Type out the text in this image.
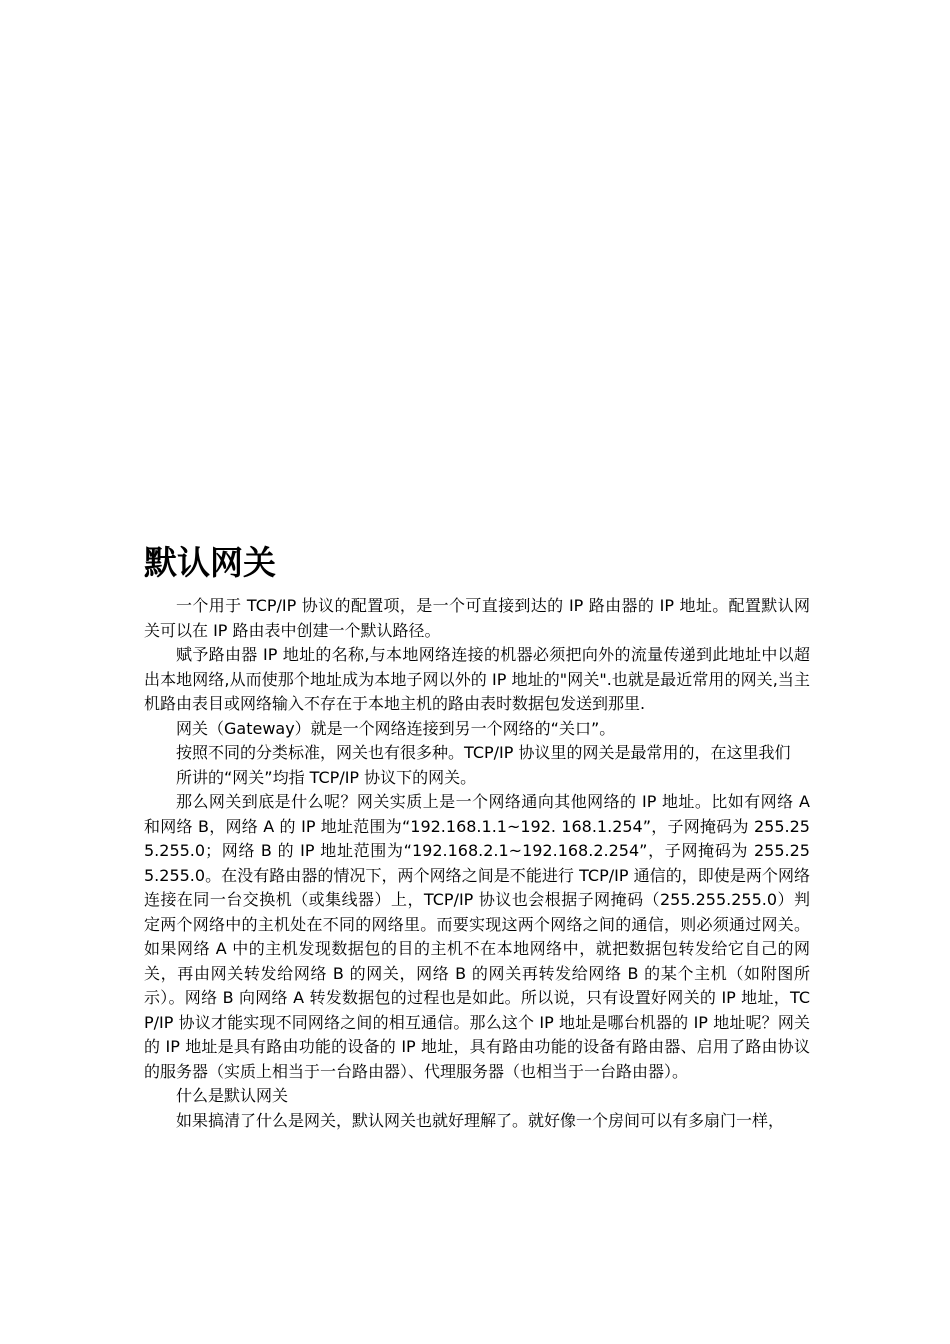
默认网关

一个用于 TCP/IP 协议的配置项，是一个可直接到达的 IP 路由器的 IP 地址。配置默认网关可以在 IP 路由表中创建一个默认路径。

赋予路由器 IP 地址的名称,与本地网络连接的机器必须把向外的流量传递到此地址中以超出本地网络,从而使那个地址成为本地子网以外的 IP 地址的"网关".也就是最近常用的网关,当主机路由表目或网络输入不存在于本地主机的路由表时数据包发送到那里.

网关（Gateway）就是一个网络连接到另一个网络的“关口”。

按照不同的分类标准，网关也有很多种。TCP/IP 协议里的网关是最常用的，在这里我们

所讲的“网关”均指 TCP/IP 协议下的网关。

那么网关到底是什么呢？网关实质上是一个网络通向其他网络的 IP 地址。比如有网络 A 和网络 B，网络 A 的 IP 地址范围为“192.168.1.1~192. 168.1.254”，子网掩码为 255.255.255.0；网络 B 的 IP 地址范围为“192.168.2.1~192.168.2.254”，子网掩码为 255.255.255.0。在没有路由器的情况下，两个网络之间是不能进行 TCP/IP 通信的，即使是两个网络连接在同一台交换机（或集线器）上，TCP/IP 协议也会根据子网掩码（255.255.255.0）判定两个网络中的主机处在不同的网络里。而要实现这两个网络之间的通信，则必须通过网关。如果网络 A 中的主机发现数据包的目的主机不在本地网络中，就把数据包转发给它自己的网关，再由网关转发给网络 B 的网关，网络 B 的网关再转发给网络 B 的某个主机（如附图所示）。网络 B 向网络 A 转发数据包的过程也是如此。所以说，只有设置好网关的 IP 地址，TCP/IP 协议才能实现不同网络之间的相互通信。那么这个 IP 地址是哪台机器的 IP 地址呢？网关的 IP 地址是具有路由功能的设备的 IP 地址，具有路由功能的设备有路由器、启用了路由协议的服务器（实质上相当于一台路由器）、代理服务器（也相当于一台路由器）。

什么是默认网关

如果搞清了什么是网关，默认网关也就好理解了。就好像一个房间可以有多扇门一样，
